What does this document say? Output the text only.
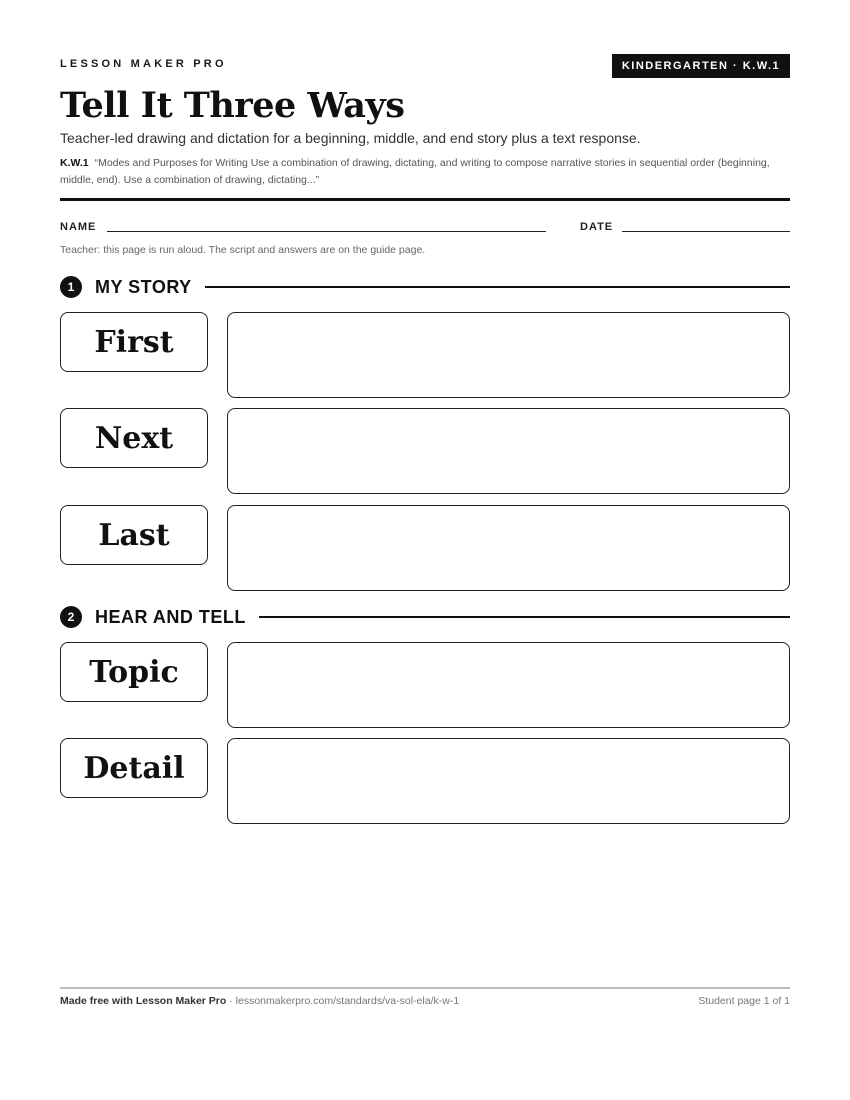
LESSON MAKER PRO	KINDERGARTEN · K.W.1
Tell It Three Ways
Teacher-led drawing and dictation for a beginning, middle, and end story plus a text response.
K.W.1 “Modes and Purposes for Writing Use a combination of drawing, dictating, and writing to compose narrative stories in sequential order (beginning, middle, end). Use a combination of drawing, dictating...”
NAME	DATE
Teacher: this page is run aloud. The script and answers are on the guide page.
1	MY STORY
First
Next
Last
2	HEAR AND TELL
Topic
Detail
Made free with Lesson Maker Pro · lessonmakerpro.com/standards/va-sol-ela/k-w-1	Student page 1 of 1
